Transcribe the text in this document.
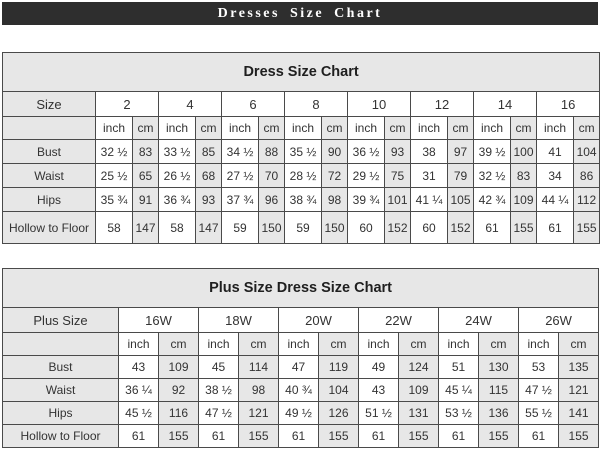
Dresses Size Chart
Dress Size Chart																
Size	2		4		6		8		10		12		14		16	
	inch	cm	inch	cm	inch	cm	inch	cm	inch	cm	inch	cm	inch	cm	inch	cm
Bust	32 ½	83	33 ½	85	34 ½	88	35 ½	90	36 ½	93	38	97	39 ½	100	41	104
Waist	25 ½	65	26 ½	68	27 ½	70	28 ½	72	29 ½	75	31	79	32 ½	83	34	86
Hips	35 ¾	91	36 ¾	93	37 ¾	96	38 ¾	98	39 ¾	101	41 ¼	105	42 ¾	109	44 ¼	112
Hollow to Floor	58	147	58	147	59	150	59	150	60	152	60	152	61	155	61	155
Plus Size Dress Size Chart												
Plus Size	16W		18W		20W		22W		24W		26W	
	inch	cm	inch	cm	inch	cm	inch	cm	inch	cm	inch	cm
Bust	43	109	45	114	47	119	49	124	51	130	53	135
Waist	36 ¼	92	38 ½	98	40 ¾	104	43	109	45 ¼	115	47 ½	121
Hips	45 ½	116	47 ½	121	49 ½	126	51 ½	131	53 ½	136	55 ½	141
Hollow to Floor	61	155	61	155	61	155	61	155	61	155	61	155
